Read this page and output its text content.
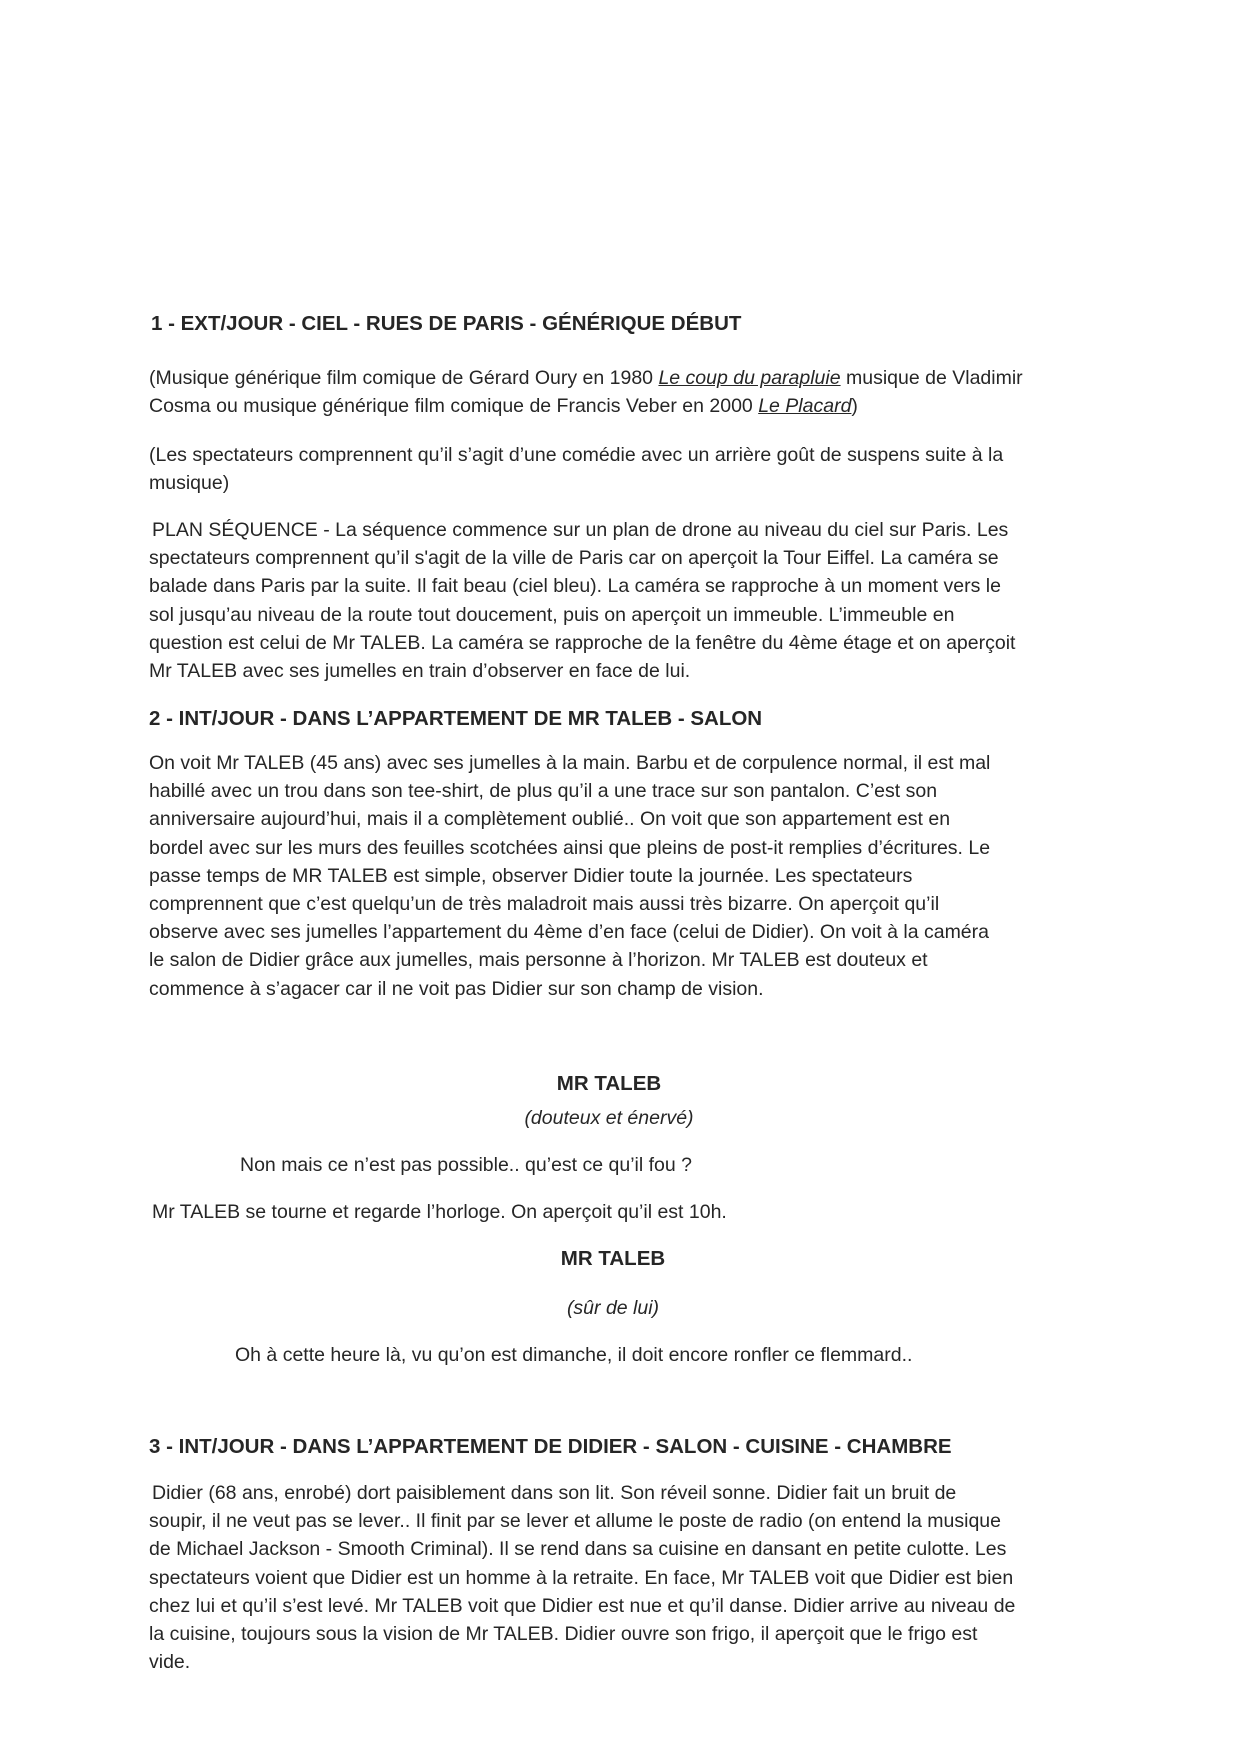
1 - EXT/JOUR - CIEL - RUES DE PARIS - GÉNÉRIQUE DÉBUT
(Musique générique film comique de Gérard Oury en 1980 Le coup du parapluie musique de Vladimir
Cosma ou musique générique film comique de Francis Veber en 2000 Le Placard)
(Les spectateurs comprennent qu’il s’agit d’une comédie avec un arrière goût de suspens suite à la
musique)
PLAN SÉQUENCE - La séquence commence sur un plan de drone au niveau du ciel sur Paris. Les
spectateurs comprennent qu’il s'agit de la ville de Paris car on aperçoit la Tour Eiffel. La caméra se
balade dans Paris par la suite. Il fait beau (ciel bleu). La caméra se rapproche à un moment vers le
sol jusqu’au niveau de la route tout doucement, puis on aperçoit un immeuble. L’immeuble en
question est celui de Mr TALEB. La caméra se rapproche de la fenêtre du 4ème étage et on aperçoit
Mr TALEB avec ses jumelles en train d’observer en face de lui.
2 - INT/JOUR - DANS L’APPARTEMENT DE MR TALEB - SALON
On voit Mr TALEB (45 ans) avec ses jumelles à la main. Barbu et de corpulence normal, il est mal
habillé avec un trou dans son tee-shirt, de plus qu’il a une trace sur son pantalon. C’est son
anniversaire aujourd’hui, mais il a complètement oublié.. On voit que son appartement est en
bordel avec sur les murs des feuilles scotchées ainsi que pleins de post-it remplies d’écritures. Le
passe temps de MR TALEB est simple, observer Didier toute la journée. Les spectateurs
comprennent que c’est quelqu’un de très maladroit mais aussi très bizarre. On aperçoit qu’il
observe avec ses jumelles l’appartement du 4ème d’en face (celui de Didier). On voit à la caméra
le salon de Didier grâce aux jumelles, mais personne à l’horizon. Mr TALEB est douteux et
commence à s’agacer car il ne voit pas Didier sur son champ de vision.
MR TALEB
(douteux et énervé)
Non mais ce n’est pas possible.. qu’est ce qu’il fou ?
Mr TALEB se tourne et regarde l’horloge. On aperçoit qu’il est 10h.
MR TALEB
(sûr de lui)
Oh à cette heure là, vu qu’on est dimanche, il doit encore ronfler ce flemmard..
3 - INT/JOUR - DANS L’APPARTEMENT DE DIDIER - SALON - CUISINE - CHAMBRE
Didier (68 ans, enrobé) dort paisiblement dans son lit. Son réveil sonne. Didier fait un bruit de
soupir, il ne veut pas se lever.. Il finit par se lever et allume le poste de radio (on entend la musique
de Michael Jackson - Smooth Criminal). Il se rend dans sa cuisine en dansant en petite culotte. Les
spectateurs voient que Didier est un homme à la retraite. En face, Mr TALEB voit que Didier est bien
chez lui et qu’il s’est levé. Mr TALEB voit que Didier est nue et qu’il danse. Didier arrive au niveau de
la cuisine, toujours sous la vision de Mr TALEB. Didier ouvre son frigo, il aperçoit que le frigo est
vide.
